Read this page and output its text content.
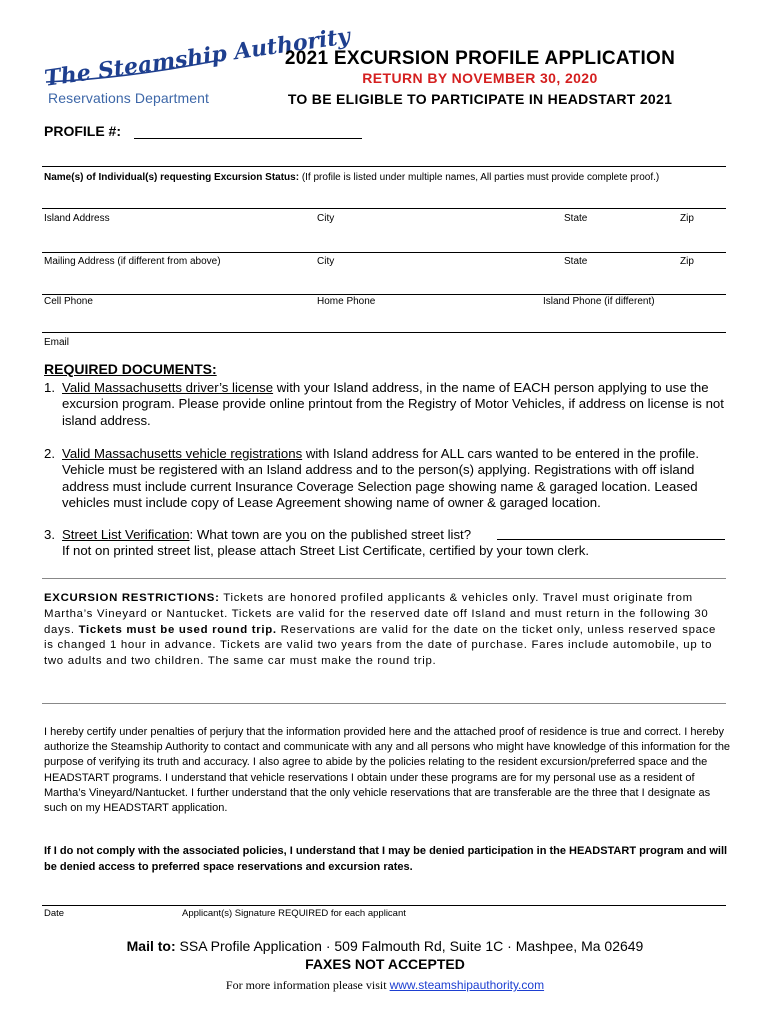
The Steamship Authority
Reservations Department
2021 EXCURSION PROFILE APPLICATION
RETURN BY NOVEMBER 30, 2020
TO BE ELIGIBLE TO PARTICIPATE IN HEADSTART 2021
PROFILE #:
Name(s) of Individual(s) requesting Excursion Status: (If profile is listed under multiple names, All parties must provide complete proof.)
Island Address	City	State	Zip
Mailing Address (if different from above)	City	State	Zip
Cell Phone	Home Phone	Island Phone (if different)
Email
REQUIRED DOCUMENTS:
1. Valid Massachusetts driver’s license with your Island address, in the name of EACH person applying to use the excursion program. Please provide online printout from the Registry of Motor Vehicles, if address on license is not island address.
2. Valid Massachusetts vehicle registrations with Island address for ALL cars wanted to be entered in the profile. Vehicle must be registered with an Island address and to the person(s) applying. Registrations with off island address must include current Insurance Coverage Selection page showing name & garaged location. Leased vehicles must include copy of Lease Agreement showing name of owner & garaged location.
3. Street List Verification: What town are you on the published street list?
If not on printed street list, please attach Street List Certificate, certified by your town clerk.
EXCURSION RESTRICTIONS: Tickets are honored profiled applicants & vehicles only. Travel must originate from Martha’s Vineyard or Nantucket. Tickets are valid for the reserved date off Island and must return in the following 30 days. Tickets must be used round trip. Reservations are valid for the date on the ticket only, unless reserved space is changed 1 hour in advance. Tickets are valid two years from the date of purchase. Fares include automobile, up to two adults and two children. The same car must make the round trip.
I hereby certify under penalties of perjury that the information provided here and the attached proof of residence is true and correct. I hereby authorize the Steamship Authority to contact and communicate with any and all persons who might have knowledge of this information for the purpose of verifying its truth and accuracy. I also agree to abide by the policies relating to the resident excursion/preferred space and the HEADSTART programs. I understand that vehicle reservations I obtain under these programs are for my personal use as a resident of Martha’s Vineyard/Nantucket. I further understand that the only vehicle reservations that are transferable are the three that I designate as such on my HEADSTART application.
If I do not comply with the associated policies, I understand that I may be denied participation in the HEADSTART program and will be denied access to preferred space reservations and excursion rates.
Date	Applicant(s) Signature REQUIRED for each applicant
Mail to: SSA Profile Application · 509 Falmouth Rd, Suite 1C · Mashpee, Ma 02649
FAXES NOT ACCEPTED
For more information please visit www.steamshipauthority.com
